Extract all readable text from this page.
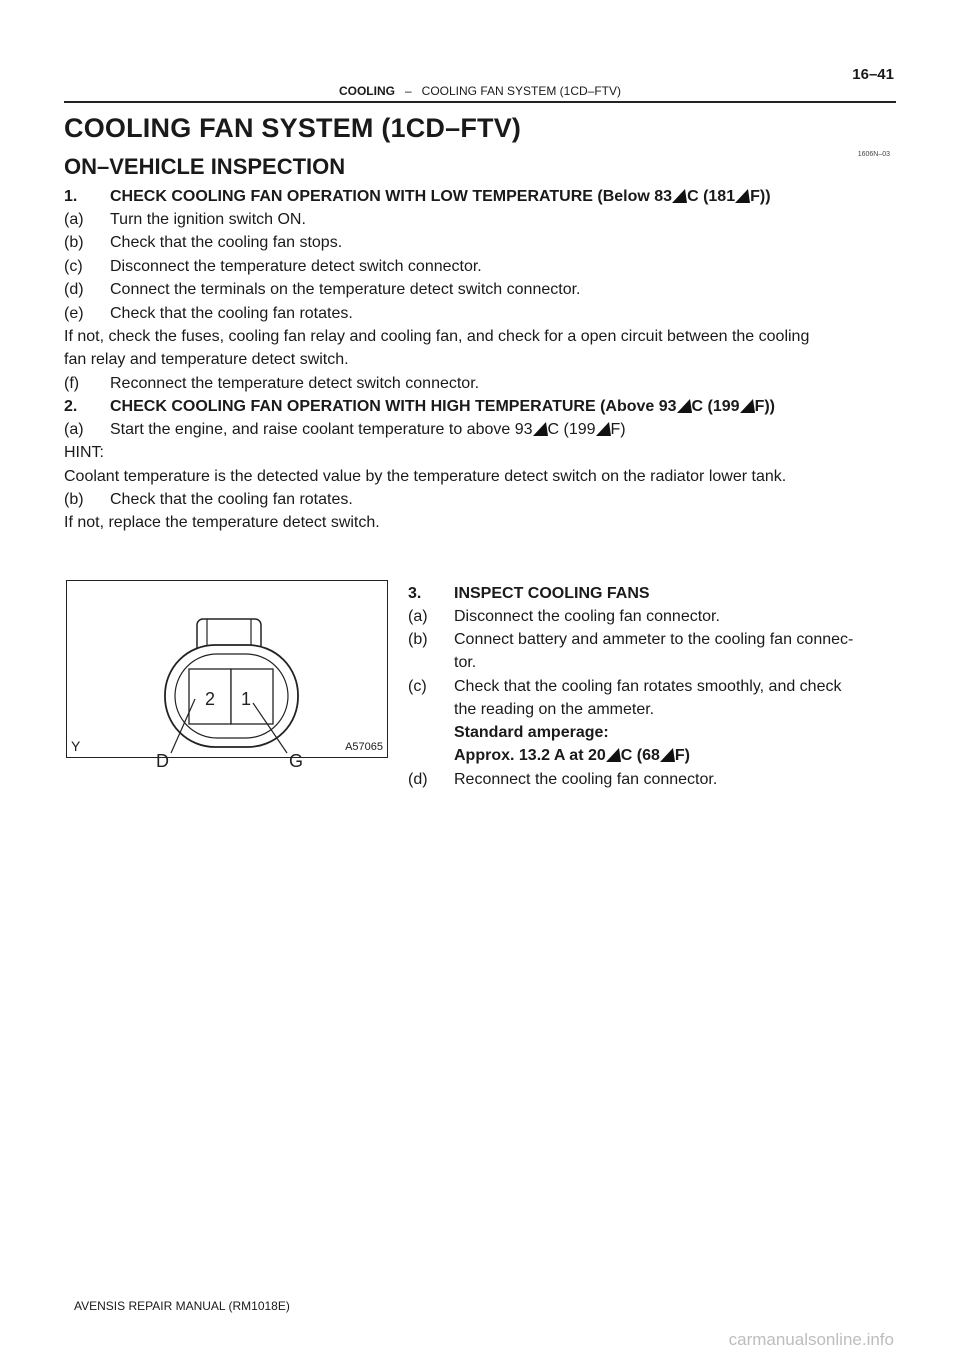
COOLING – COOLING FAN SYSTEM (1CD–FTV)
16–41
COOLING FAN SYSTEM (1CD–FTV)
ON–VEHICLE INSPECTION	1606N–03
1. CHECK COOLING FAN OPERATION WITH LOW TEMPERATURE (Below 83 C (181 F))
(a) Turn the ignition switch ON.
(b) Check that the cooling fan stops.
(c) Disconnect the temperature detect switch connector.
(d) Connect the terminals on the temperature detect switch connector.
(e) Check that the cooling fan rotates.
If not, check the fuses, cooling fan relay and cooling fan, and check for a open circuit between the cooling
fan relay and temperature detect switch.
(f) Reconnect the temperature detect switch connector.
2. CHECK COOLING FAN OPERATION WITH HIGH TEMPERATURE (Above 93 C (199 F))
(a) Start the engine, and raise coolant temperature to above 93 C (199 F)
HINT:
Coolant temperature is the detected value by the temperature detect switch on the radiator lower tank.
(b) Check that the cooling fan rotates.
If not, replace the temperature detect switch.
2 1
D	G
Y	A57065
3. INSPECT COOLING FANS
(a) Disconnect the cooling fan connector.
(b) Connect battery and ammeter to the cooling fan connec-
tor.
(c) Check that the cooling fan rotates smoothly, and check
the reading on the ammeter.
Standard amperage:
Approx. 13.2 A at 20 C (68 F)
(d) Reconnect the cooling fan connector.
AVENSIS REPAIR MANUAL (RM1018E)
carmanualsonline.info
